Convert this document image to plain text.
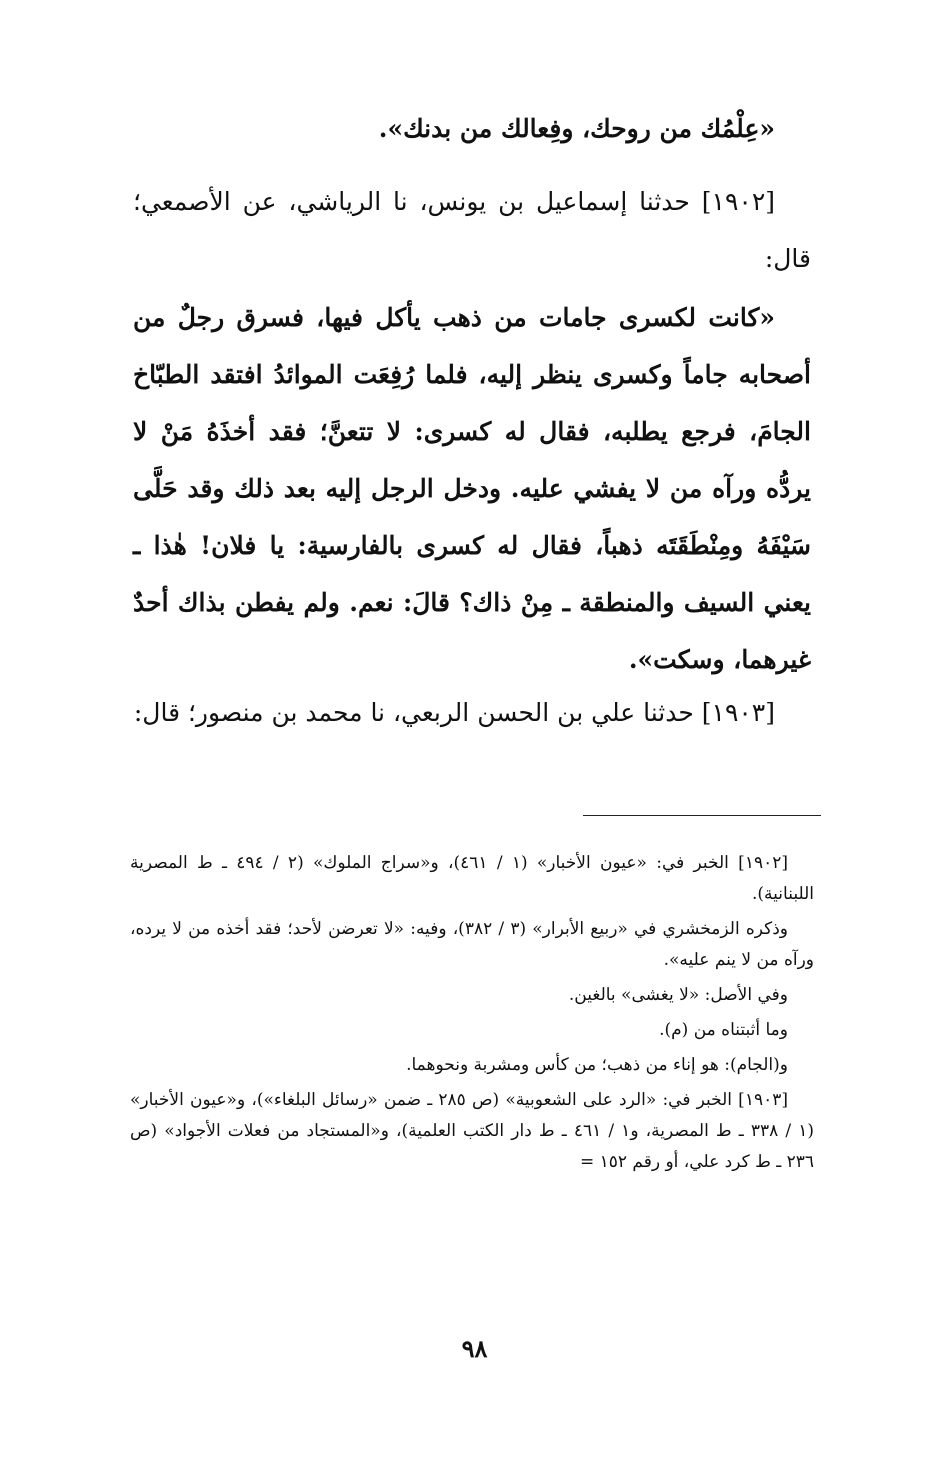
«عِلْمُك من روحك، وفِعالك من بدنك».

[١٩٠٢] حدثنا إسماعيل بن يونس، نا الرياشي، عن الأصمعي؛ قال:

«كانت لكسرى جامات من ذهب يأكل فيها، فسرق رجلٌ من أصحابه جاماً وكسرى ينظر إليه، فلما رُفِعَت الموائدُ افتقد الطبّاخ الجامَ، فرجع يطلبه، فقال له كسرى: لا تتعنَّ؛ فقد أخذَهُ مَنْ لا يردُّه ورآه من لا يفشي عليه. ودخل الرجل إليه بعد ذلك وقد حَلَّى سَيْفَهُ ومِنْطَقَتَه ذهباً، فقال له كسرى بالفارسية: يا فلان! هٰذا ـ يعني السيف والمنطقة ـ مِنْ ذاك؟ قالَ: نعم. ولم يفطن بذاك أحدٌ غيرهما، وسكت».

[١٩٠٣] حدثنا علي بن الحسن الربعي، نا محمد بن منصور؛ قال:

[١٩٠٢] الخبر في: «عيون الأخبار» (١ / ٤٦١)، و«سراج الملوك» (٢ / ٤٩٤ ـ ط المصرية اللبنانية).

وذكره الزمخشري في «ربيع الأبرار» (٣ / ٣٨٢)، وفيه: «لا تعرضن لأحد؛ فقد أخذه من لا يرده، ورآه من لا ينم عليه».

وفي الأصل: «لا يغشى» بالغين.

وما أثبتناه من (م).

و(الجام): هو إناء من ذهب؛ من كأس ومشربة ونحوهما.

[١٩٠٣] الخبر في: «الرد على الشعوبية» (ص ٢٨٥ ـ ضمن «رسائل البلغاء»)، و«عيون الأخبار» (١ / ٣٣٨ ـ ط المصرية، و١ / ٤٦١ ـ ط دار الكتب العلمية)، و«المستجاد من فعلات الأجواد» (ص ٢٣٦ ـ ط كرد علي، أو رقم ١٥٢ =

٩٨
